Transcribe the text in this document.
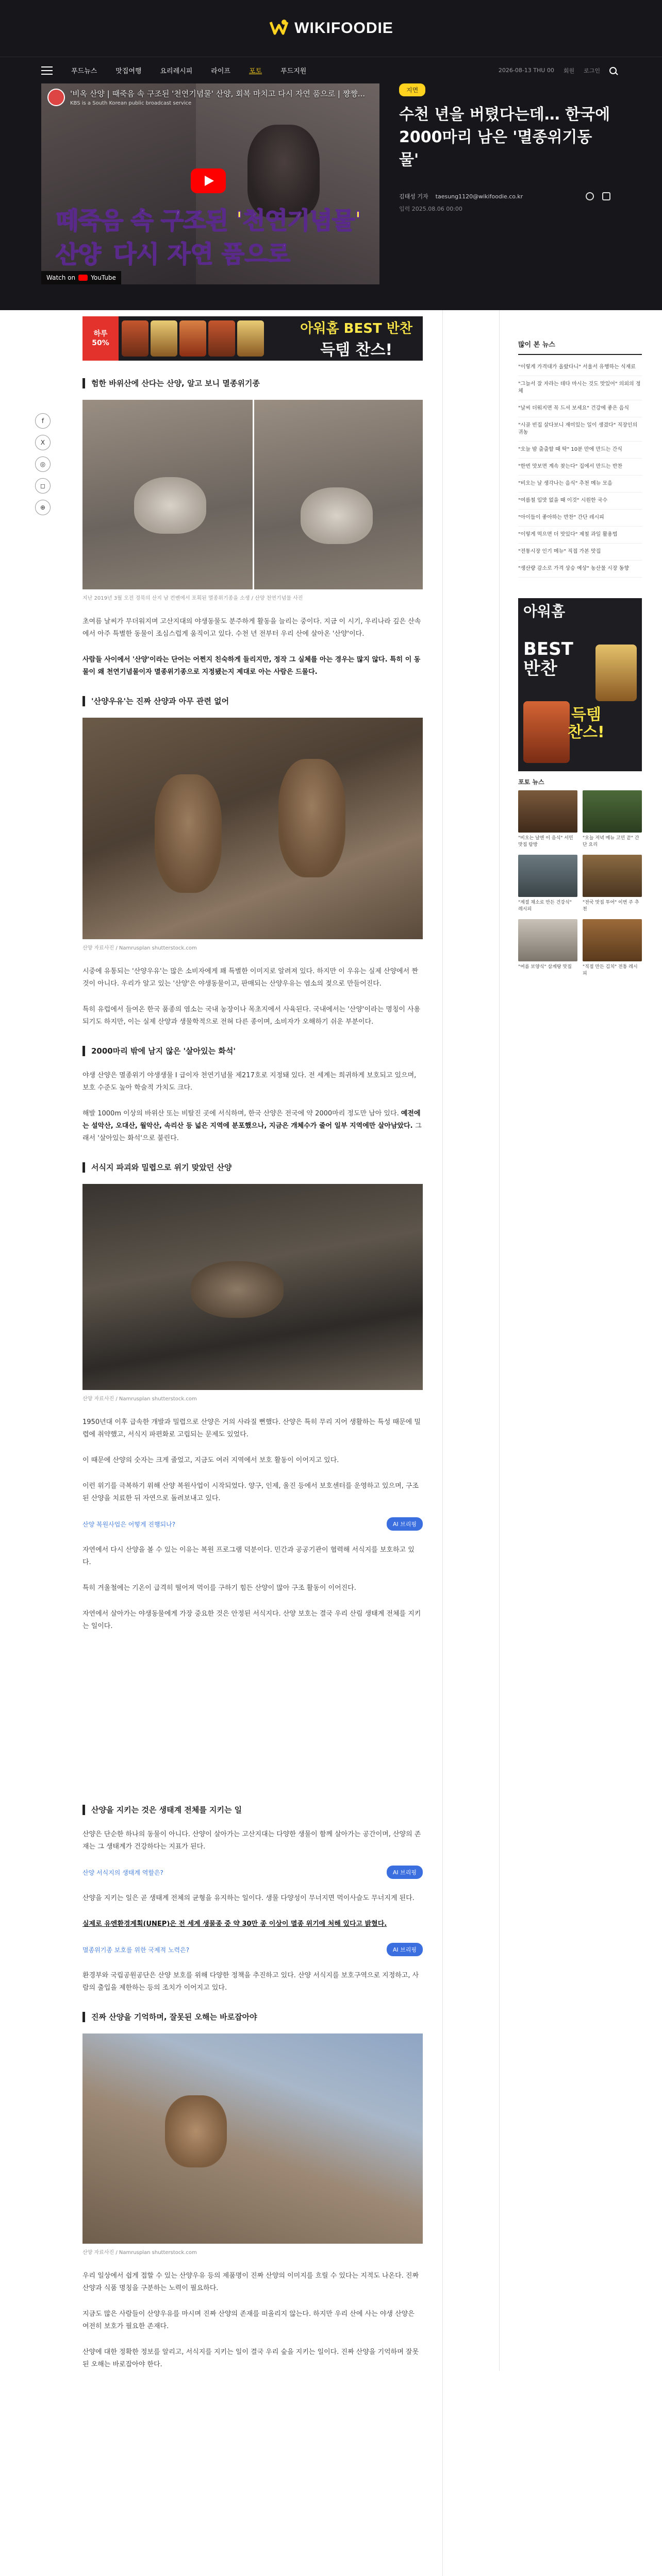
WIKIFOODIE
푸드뉴스	맛집여행	요리레시피	라이프	포토	푸드지원	2026-08-13 THU 00 회원 로그인
'비옥 산양 | 때죽음 속 구조된 '천연기념물' 산양, 회복 마치고 다시 자연 품으로 | 쨩쨩...
KBS is a South Korean public broadcast service
떼죽음 속 구조된 '천연기념물' 산양 다시 자연 품으로
Watch on	YouTube
지면
수천 년을 버텼다는데… 한국에 2000마리 남은 '멸종위기동물'
김태성 기자 taesung1120@wikifoodie.co.kr
입력 2025.08.06 00:00
f
X
◎
◻
⊕
하루
50%
아워홈 BEST 반찬
득템 찬스!
험한 바위산에 산다는 산양, 알고 보니 멸종위기종
지난 2019년 3월 오전 경북의 산지 남 컨벤에서 포획된 멸종위기종을 소생 / 산양 천연기념물 사진

초여름 날씨가 무더워지며 고산지대의 야생동물도 분주하게 활동을 늘리는 중이다. 지금 이 시기, 우리나라 깊은 산속에서 아주 특별한 동물이 조심스럽게 움직이고 있다. 수천 년 전부터 우리 산에 살아온 '산양'이다.

사람들 사이에서 '산양'이라는 단어는 어쩐지 친숙하게 들리지만, 정작 그 실체를 아는 경우는 많지 않다. 특히 이 동물이 왜 천연기념물이자 멸종위기종으로 지정됐는지 제대로 아는 사람은 드물다.

'산양우유'는 진짜 산양과 아무 관련 없어
산양 자료사진 / Namrusplan shutterstock.com

시중에 유통되는 '산양우유'는 많은 소비자에게 꽤 특별한 이미지로 알려져 있다. 하지만 이 우유는 실제 산양에서 짠 것이 아니다. 우리가 알고 있는 '산양'은 야생동물이고, 판매되는 산양우유는 염소의 젖으로 만들어진다.

특히 유럽에서 들여온 한국 품종의 염소는 국내 농장이나 목초지에서 사육된다. 국내에서는 '산양'이라는 명칭이 사용되기도 하지만, 이는 실제 산양과 생물학적으로 전혀 다른 종이며, 소비자가 오해하기 쉬운 부분이다.

2000마리 밖에 남지 않은 '살아있는 화석'

야생 산양은 멸종위기 야생생물 I 급이자 천연기념물 제217호로 지정돼 있다. 전 세계는 희귀하게 보호되고 있으며, 보호 수준도 높아 학술적 가치도 크다.

해발 1000m 이상의 바위산 또는 비탈진 곳에 서식하며, 한국 산양은 전국에 약 2000마리 정도만 남아 있다. 예전에는 설악산, 오대산, 월악산, 속리산 등 넓은 지역에 분포했으나, 지금은 개체수가 줄어 일부 지역에만 살아남았다. 그래서 '살아있는 화석'으로 불린다.

서식지 파괴와 밀렵으로 위기 맞았던 산양
산양 자료사진 / Namrusplan shutterstock.com

1950년대 이후 급속한 개발과 밀렵으로 산양은 거의 사라질 뻔했다. 산양은 특히 무리 지어 생활하는 특성 때문에 밀렵에 취약했고, 서식지 파편화로 고립되는 문제도 있었다.

이 때문에 산양의 숫자는 크게 줄었고, 지금도 여러 지역에서 보호 활동이 이어지고 있다.

이런 위기를 극복하기 위해 산양 복원사업이 시작되었다. 양구, 인제, 울진 등에서 보호센터를 운영하고 있으며, 구조된 산양을 치료한 뒤 자연으로 돌려보내고 있다.

산양 복원사업은 어떻게 진행되나?	AI 브리핑

자연에서 다시 산양을 볼 수 있는 이유는 복원 프로그램 덕분이다. 민간과 공공기관이 협력해 서식지를 보호하고 있다.

특히 겨울철에는 기온이 급격히 떨어져 먹이를 구하기 힘든 산양이 많아 구조 활동이 이어진다.

자연에서 살아가는 야생동물에게 가장 중요한 것은 안정된 서식지다. 산양 보호는 결국 우리 산림 생태계 전체를 지키는 일이다.

산양을 지키는 것은 생태계 전체를 지키는 일

산양은 단순한 하나의 동물이 아니다. 산양이 살아가는 고산지대는 다양한 생물이 함께 살아가는 공간이며, 산양의 존재는 그 생태계가 건강하다는 지표가 된다.

산양 서식지의 생태계 역할은?	AI 브리핑

산양을 지키는 일은 곧 생태계 전체의 균형을 유지하는 일이다. 생물 다양성이 무너지면 먹이사슬도 무너지게 된다.

실제로 유엔환경계획(UNEP)은 전 세계 생물종 중 약 30만 종 이상이 멸종 위기에 처해 있다고 밝혔다.

멸종위기종 보호를 위한 국제적 노력은?	AI 브리핑

환경부와 국립공원공단은 산양 보호를 위해 다양한 정책을 추진하고 있다. 산양 서식지를 보호구역으로 지정하고, 사람의 출입을 제한하는 등의 조치가 이어지고 있다.

진짜 산양을 기억하며, 잘못된 오해는 바로잡아야
산양 자료사진 / Namrusplan shutterstock.com

우리 일상에서 쉽게 접할 수 있는 산양우유 등의 제품명이 진짜 산양의 이미지를 흐릴 수 있다는 지적도 나온다. 진짜 산양과 식품 명칭을 구분하는 노력이 필요하다.

지금도 많은 사람들이 산양우유를 마시며 진짜 산양의 존재를 떠올리지 않는다. 하지만 우리 산에 사는 야생 산양은 여전히 보호가 필요한 존재다.

산양에 대한 정확한 정보를 알리고, 서식지를 지키는 일이 결국 우리 숲을 지키는 일이다. 진짜 산양을 기억하며 잘못된 오해는 바로잡아야 한다.

많이 본 뉴스
"이렇게 가격대가 올랐다니" 서울서 유행하는 식재료
"그늘서 잘 자라는 데다 마시는 것도 맛있어" 의외의 정체
"날씨 더워지면 꼭 드셔 보세요" 건강에 좋은 음식
"시골 빈집 살다보니 재미있는 일이 생겼다" 직장인의 귀농
"오늘 밤 출출할 때 딱" 10분 만에 만드는 간식
"한번 맛보면 계속 찾는다" 집에서 만드는 반찬
"비오는 날 생각나는 음식" 추천 메뉴 모음
"여름철 입맛 없을 때 이것" 시원한 국수
"아이들이 좋아하는 반찬" 간단 레시피
"이렇게 먹으면 더 맛있다" 제철 과일 활용법
"전통시장 인기 메뉴" 직접 가본 맛집
"생산량 감소로 가격 상승 예상" 농산물 시장 동향
아워홈
BEST
반찬
득템
찬스!
포토 뉴스
"비오는 날엔 이 음식" 서민 맛집 탐방
"오늘 저녁 메뉴 고민 끝" 간단 요리
"계절 채소로 만든 건강식" 레시피
"전국 맛집 투어" 이번 주 추천
"여름 보양식" 삼계탕 맛집	"직접 만든 김치" 전통 레시피
